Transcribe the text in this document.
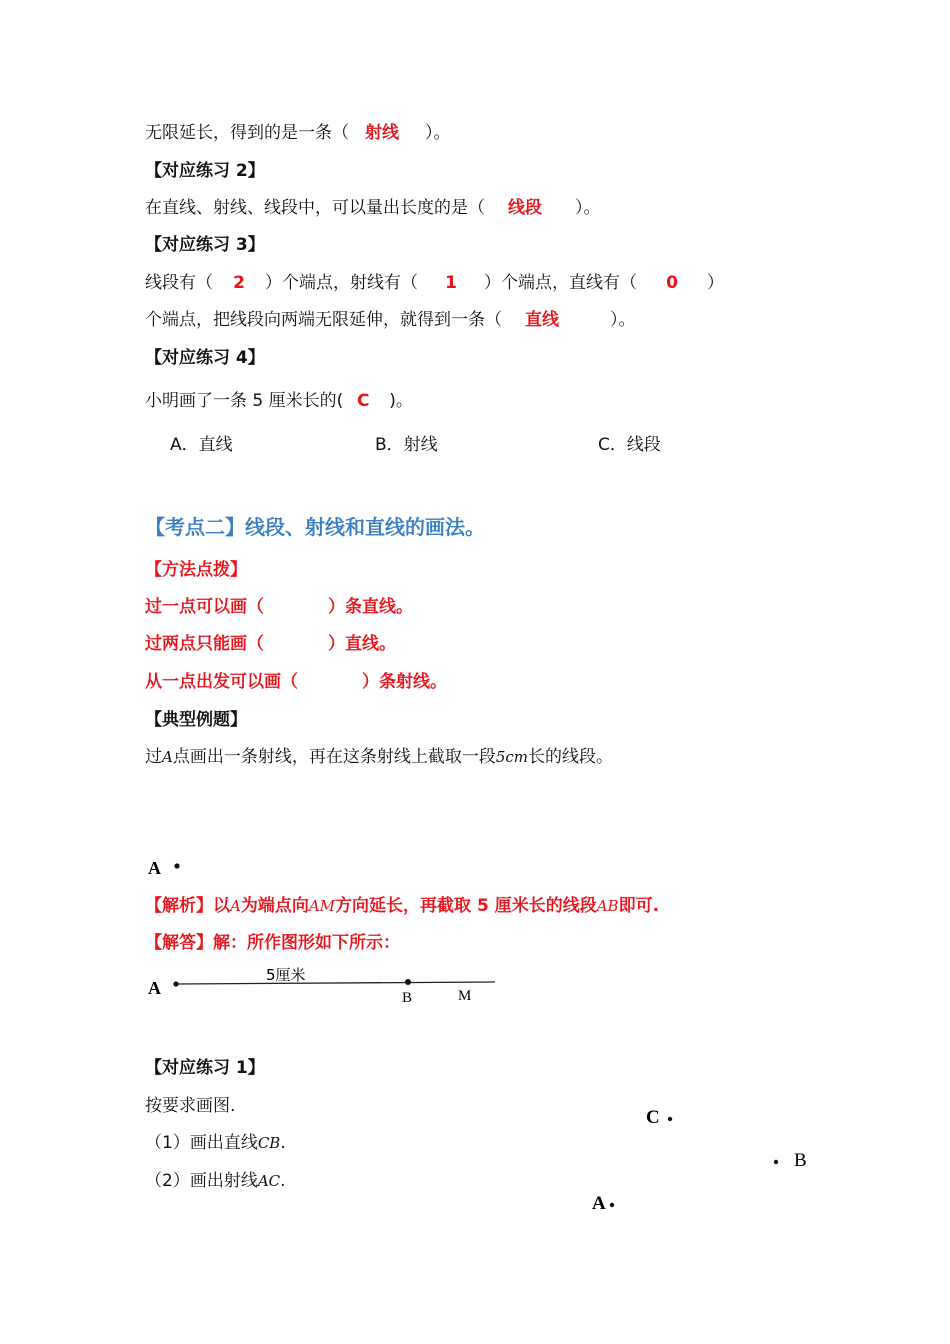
无限延长，得到的是一条（ 射线 ）。
【对应练习 2】
在直线、射线、线段中，可以量出长度的是（ 线段 ）。
【对应练习 3】
线段有（ 2 ）个端点，射线有（ 1 ）个端点，直线有（ 0 ）
个端点，把线段向两端无限延伸，就得到一条（ 直线	）。
【对应练习 4】
小明画了一条 5 厘米长的( C )。
A．直线	B．射线	C．线段
【考点二】线段、射线和直线的画法。
【方法点拨】
过一点可以画（	）条直线。
过两点只能画（	）直线。
从一点出发可以画（	）条射线。
【典型例题】
过A点画出一条射线，再在这条射线上截取一段5cm长的线段。
A
【解析】以A为端点向AM方向延长，再截取 5 厘米长的线段AB即可.
【解答】解：所作图形如下所示：
A
5厘米
B	M
【对应练习 1】
按要求画图.
（1）画出直线CB.
（2）画出射线AC.
C
B
A
